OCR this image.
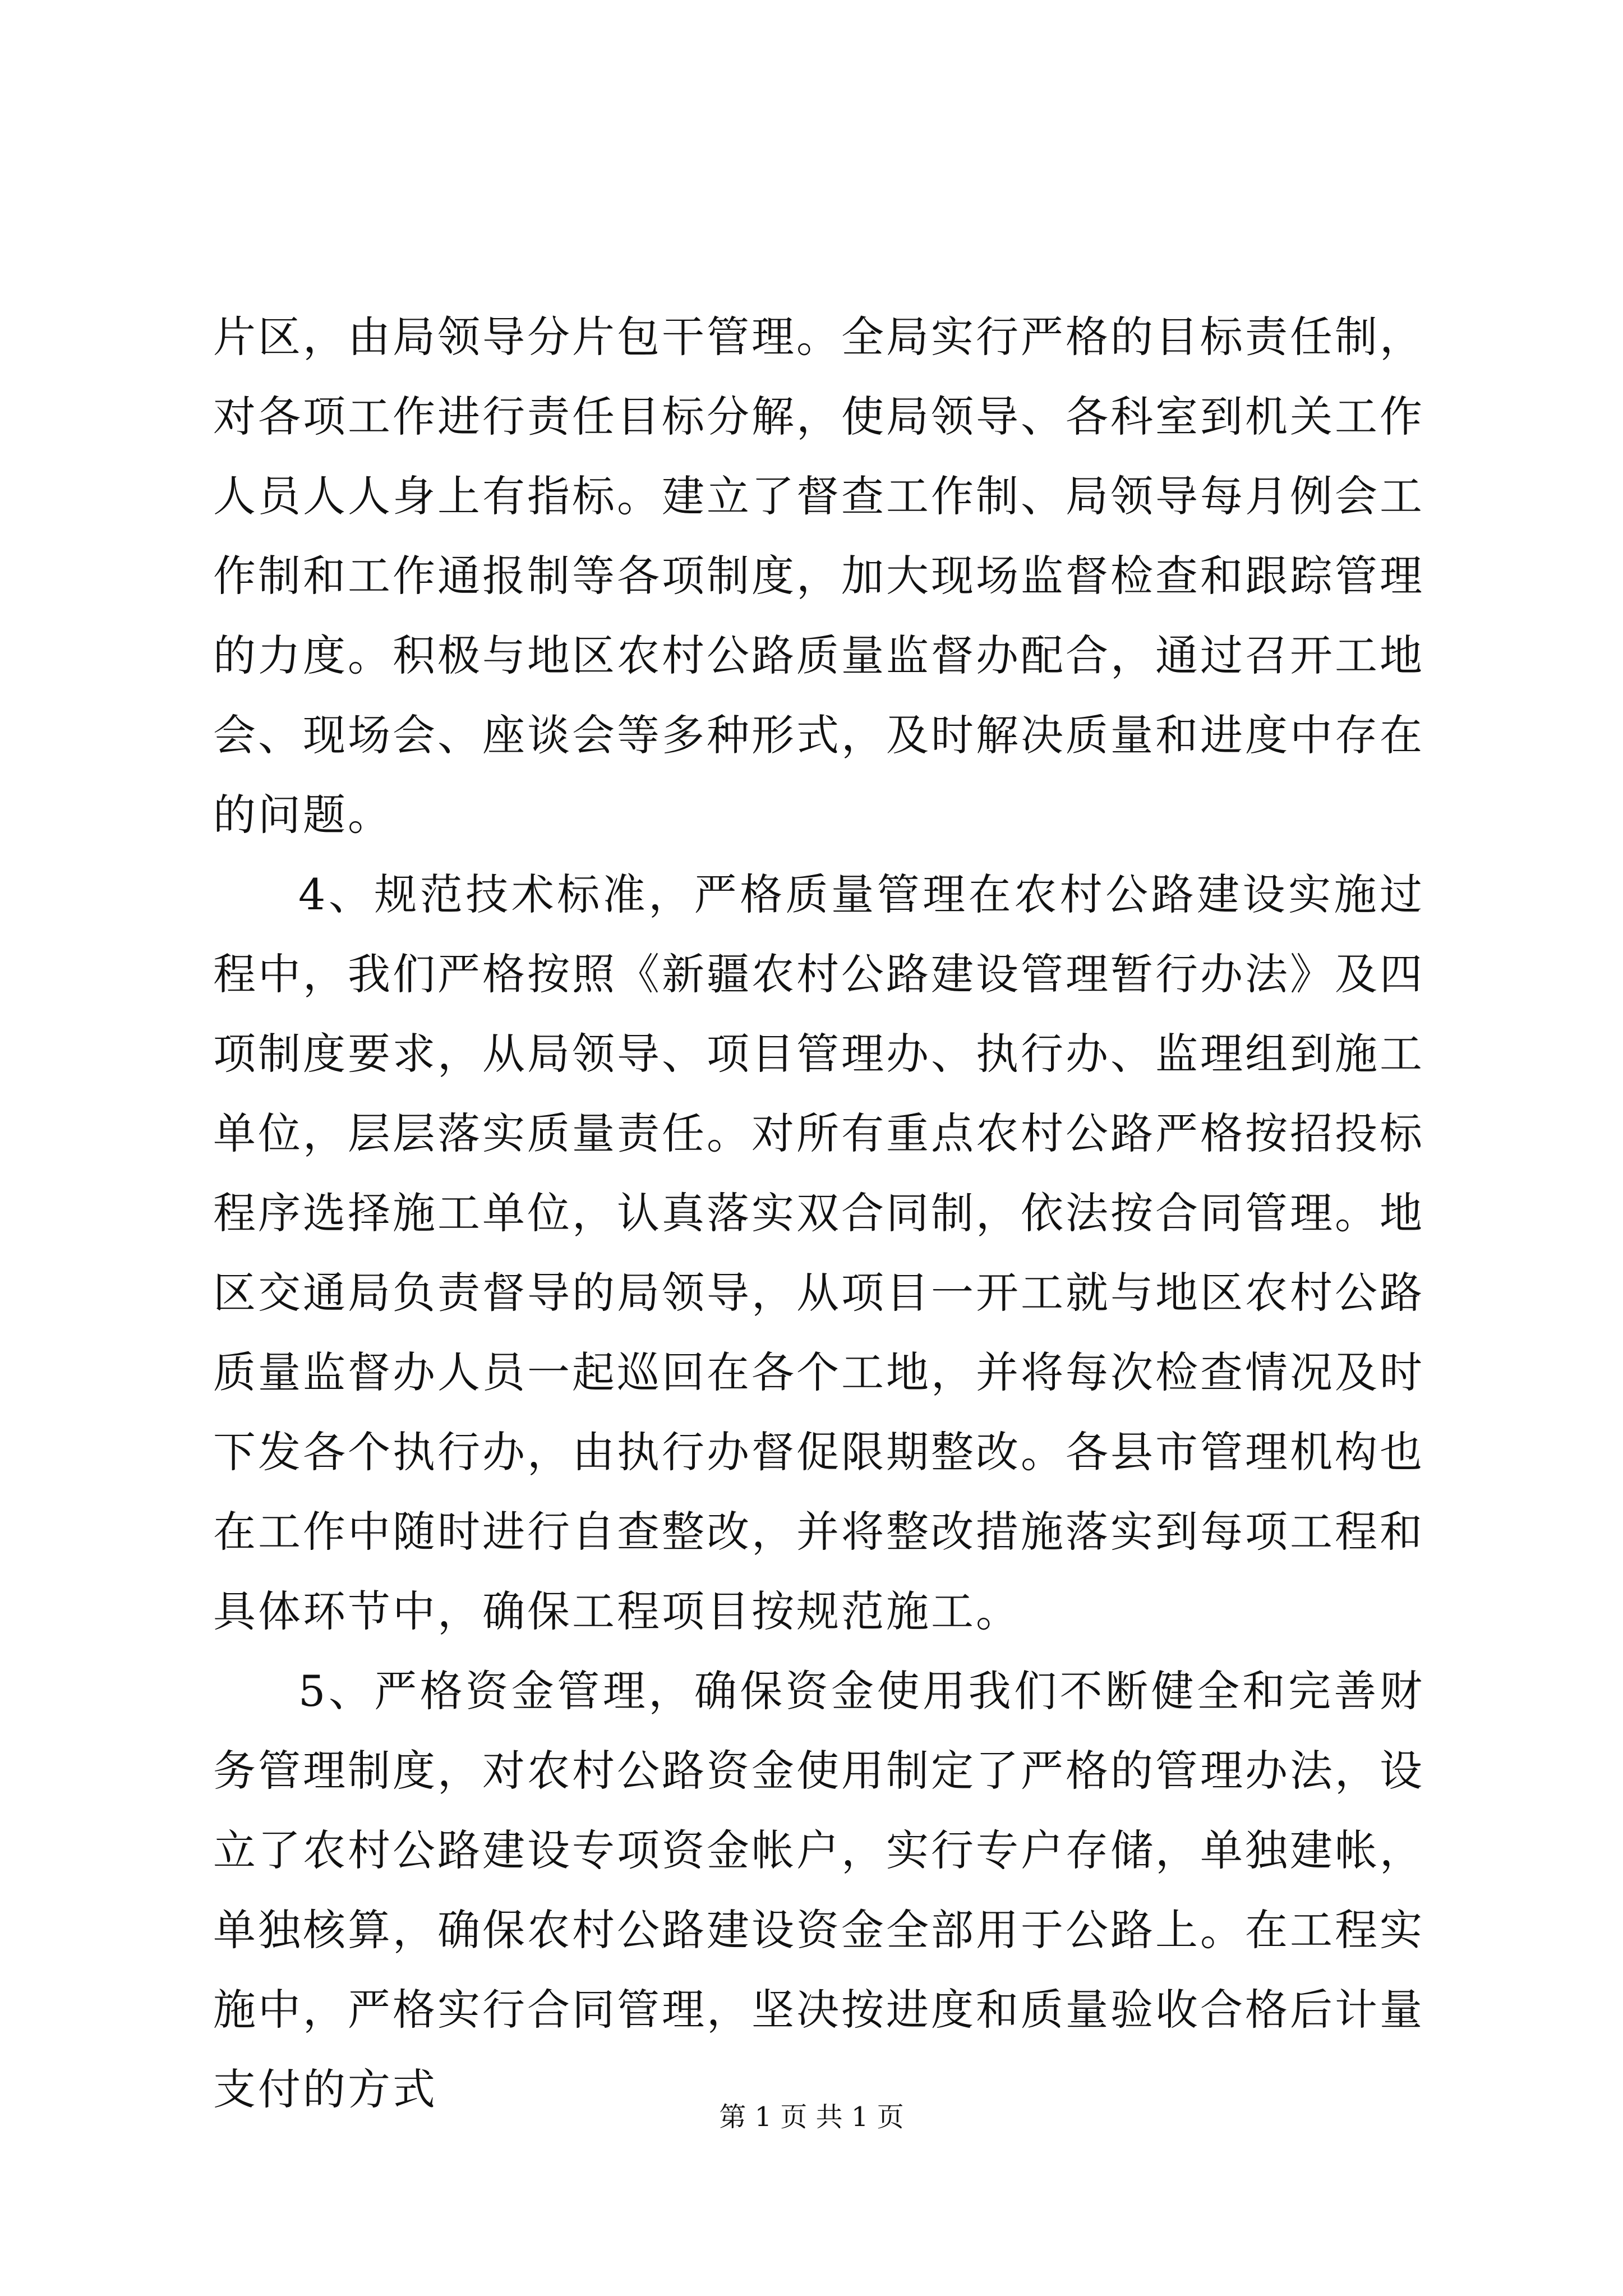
片区，由局领导分片包干管理。全局实行严格的目标责任制，对各项工作进行责任目标分解，使局领导、各科室到机关工作人员人人身上有指标。建立了督查工作制、局领导每月例会工作制和工作通报制等各项制度，加大现场监督检查和跟踪管理的力度。积极与地区农村公路质量监督办配合，通过召开工地会、现场会、座谈会等多种形式，及时解决质量和进度中存在的问题。

4、规范技术标准，严格质量管理在农村公路建设实施过程中，我们严格按照《新疆农村公路建设管理暂行办法》及四项制度要求，从局领导、项目管理办、执行办、监理组到施工单位，层层落实质量责任。对所有重点农村公路严格按招投标程序选择施工单位，认真落实双合同制，依法按合同管理。地区交通局负责督导的局领导，从项目一开工就与地区农村公路质量监督办人员一起巡回在各个工地，并将每次检查情况及时下发各个执行办，由执行办督促限期整改。各县市管理机构也在工作中随时进行自查整改，并将整改措施落实到每项工程和具体环节中，确保工程项目按规范施工。

5、严格资金管理，确保资金使用我们不断健全和完善财务管理制度，对农村公路资金使用制定了严格的管理办法，设立了农村公路建设专项资金帐户，实行专户存储，单独建帐，单独核算，确保农村公路建设资金全部用于公路上。在工程实施中，严格实行合同管理，坚决按进度和质量验收合格后计量支付的方式

第 1 页 共 1 页
